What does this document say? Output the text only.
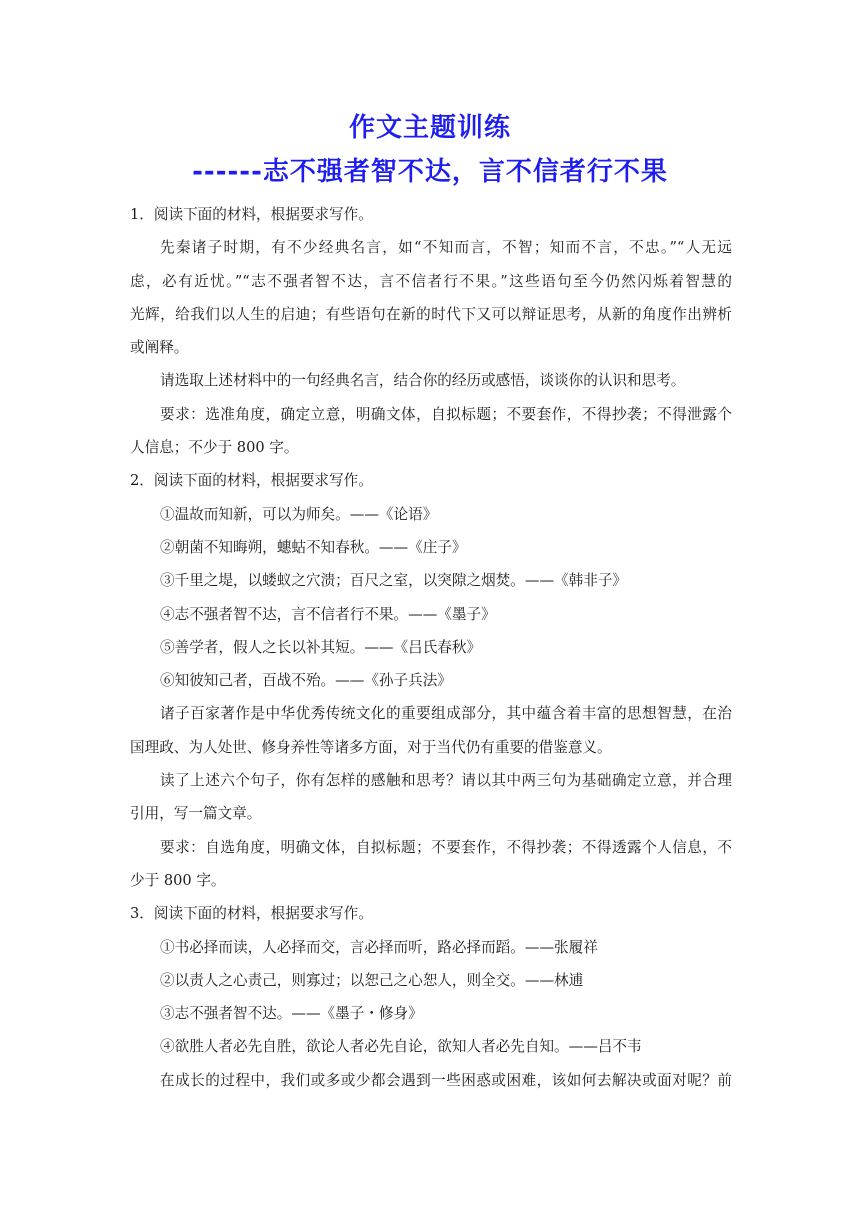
作文主题训练
------志不强者智不达，言不信者行不果
1．阅读下面的材料，根据要求写作。
先秦诸子时期，有不少经典名言，如“不知而言，不智；知而不言，不忠。”“人无远
虑，必有近忧。”“志不强者智不达，言不信者行不果。”这些语句至今仍然闪烁着智慧的
光辉，给我们以人生的启迪；有些语句在新的时代下又可以辩证思考，从新的角度作出辨析
或阐释。
请选取上述材料中的一句经典名言，结合你的经历或感悟，谈谈你的认识和思考。
要求：选准角度，确定立意，明确文体，自拟标题；不要套作，不得抄袭；不得泄露个
人信息；不少于 800 字。
2．阅读下面的材料，根据要求写作。
①温故而知新，可以为师矣。——《论语》
②朝菌不知晦朔，蟪蛄不知春秋。——《庄子》
③千里之堤，以蝼蚁之穴溃；百尺之室，以突隙之烟焚。——《韩非子》
④志不强者智不达，言不信者行不果。——《墨子》
⑤善学者，假人之长以补其短。——《吕氏春秋》
⑥知彼知己者，百战不殆。——《孙子兵法》
诸子百家著作是中华优秀传统文化的重要组成部分，其中蕴含着丰富的思想智慧，在治
国理政、为人处世、修身养性等诸多方面，对于当代仍有重要的借鉴意义。
读了上述六个句子，你有怎样的感触和思考？请以其中两三句为基础确定立意，并合理
引用，写一篇文章。
要求：自选角度，明确文体，自拟标题；不要套作，不得抄袭；不得透露个人信息，不
少于 800 字。
3．阅读下面的材料，根据要求写作。
①书必择而读，人必择而交，言必择而听，路必择而蹈。——张履祥
②以责人之心责己，则寡过；以恕己之心恕人，则全交。——林逋
③志不强者智不达。——《墨子・修身》
④欲胜人者必先自胜，欲论人者必先自论，欲知人者必先自知。——吕不韦
在成长的过程中，我们或多或少都会遇到一些困惑或困难，该如何去解决或面对呢？前
